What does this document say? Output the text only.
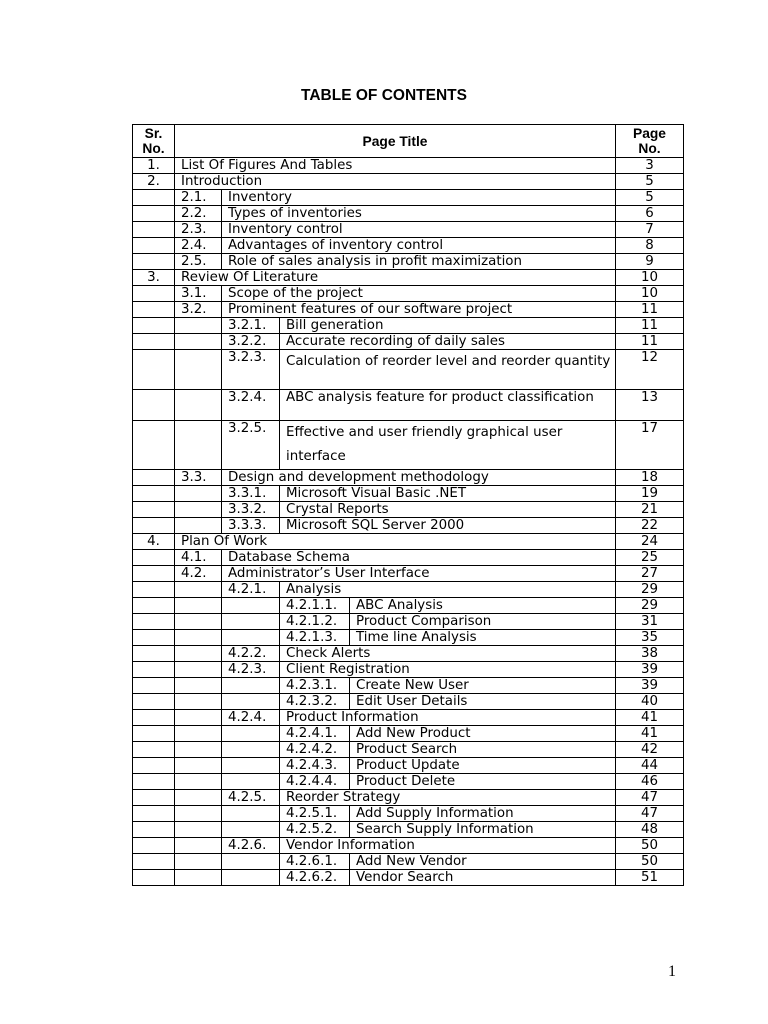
TABLE OF CONTENTS
Sr. No.	Page Title				Page No.
1.	List Of Figures And Tables				3
2.	Introduction				5
	2.1.	Inventory			5
	2.2.	Types of inventories			6
	2.3.	Inventory control			7
	2.4.	Advantages of inventory control			8
	2.5.	Role of sales analysis in profit maximization			9
3.	Review Of Literature				10
	3.1.	Scope of the project			10
	3.2.	Prominent features of our software project			11
		3.2.1.	Bill generation		11
		3.2.2.	Accurate recording of daily sales		11
		3.2.3.	Calculation of reorder level and reorder quantity		12
		3.2.4.	ABC analysis feature for product classification		13
		3.2.5.	Effective and user friendly graphical user interface		17
	3.3.	Design and development methodology			18
		3.3.1.	Microsoft Visual Basic .NET		19
		3.3.2.	Crystal Reports		21
		3.3.3.	Microsoft SQL Server 2000		22
4.	Plan Of Work				24
	4.1.	Database Schema			25
	4.2.	Administrator’s User Interface			27
		4.2.1.	Analysis		29
			4.2.1.1.	ABC Analysis	29
			4.2.1.2.	Product Comparison	31
			4.2.1.3.	Time line Analysis	35
		4.2.2.	Check Alerts		38
		4.2.3.	Client Registration		39
			4.2.3.1.	Create New User	39
			4.2.3.2.	Edit User Details	40
		4.2.4.	Product Information		41
			4.2.4.1.	Add New Product	41
			4.2.4.2.	Product Search	42
			4.2.4.3.	Product Update	44
			4.2.4.4.	Product Delete	46
		4.2.5.	Reorder Strategy		47
			4.2.5.1.	Add Supply Information	47
			4.2.5.2.	Search Supply Information	48
		4.2.6.	Vendor Information		50
			4.2.6.1.	Add New Vendor	50
			4.2.6.2.	Vendor Search	51
1
